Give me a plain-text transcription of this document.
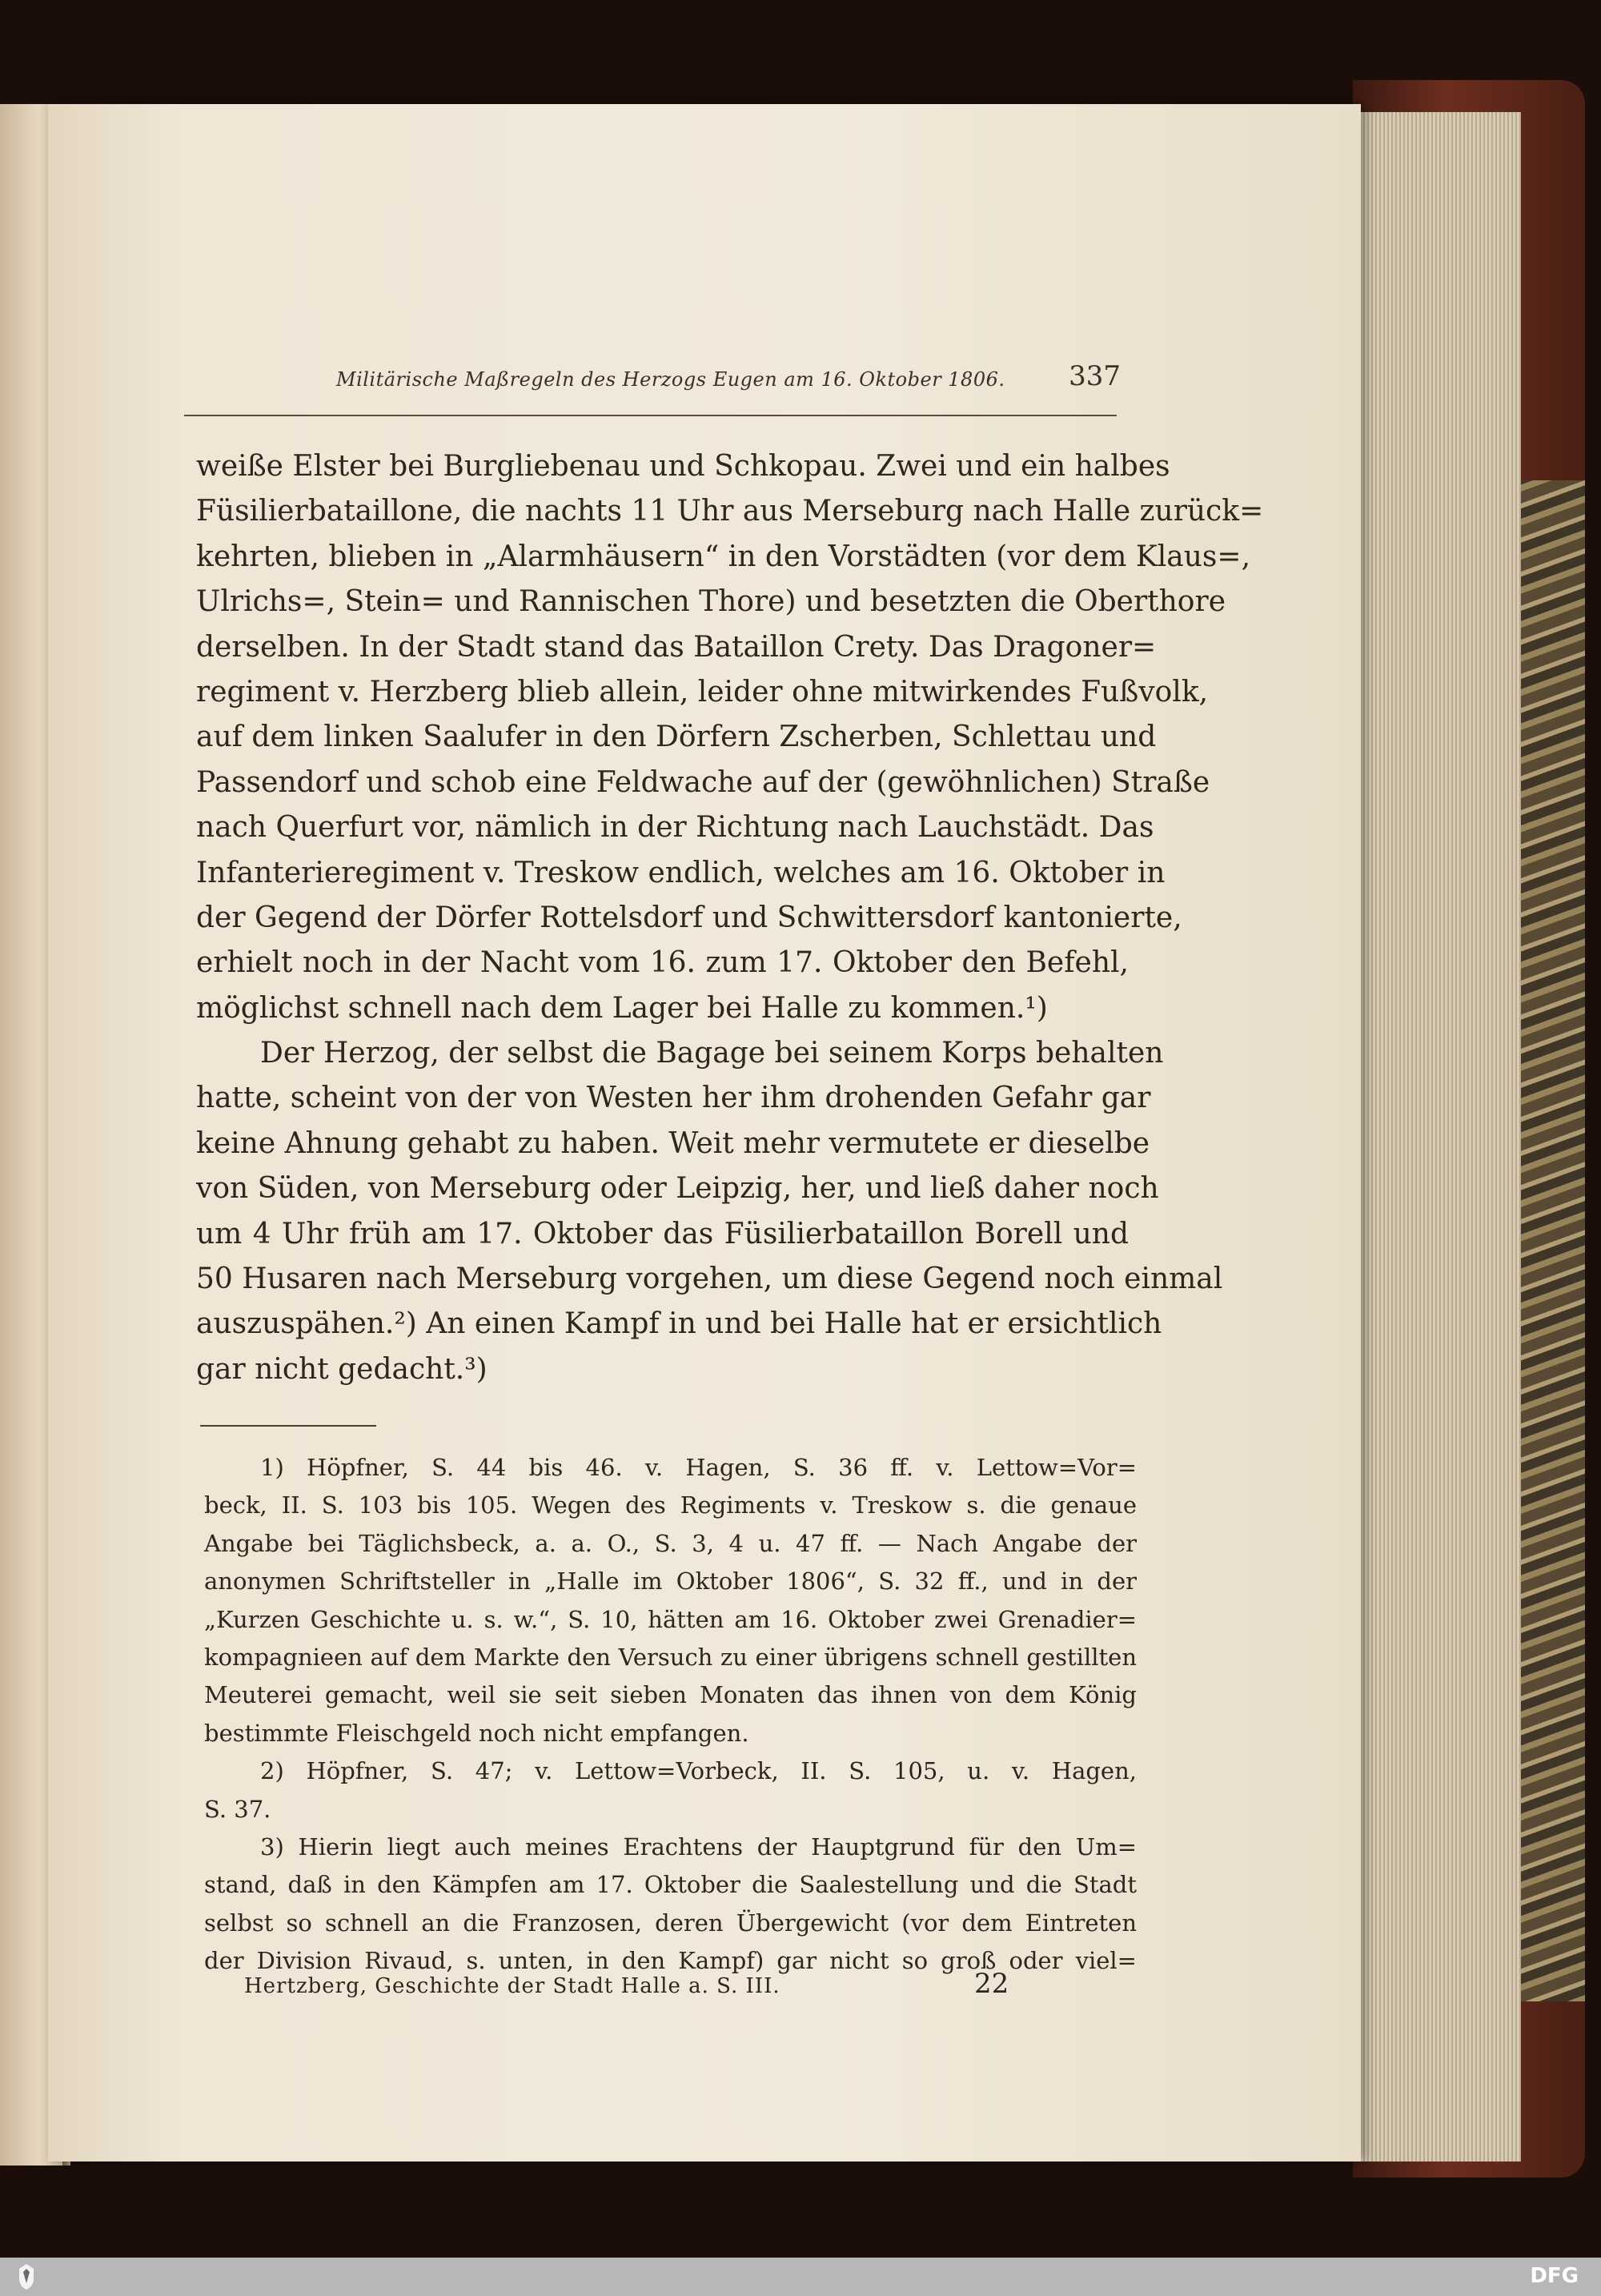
Militärische Maßregeln des Herzogs Eugen am 16. Oktober 1806. 337
weiße Elster bei Burgliebenau und Schkopau. Zwei und ein halbes
Füsilierbataillone, die nachts 11 Uhr aus Merseburg nach Halle zurück=
kehrten, blieben in „Alarmhäusern“ in den Vorstädten (vor dem Klaus=,
Ulrichs=, Stein= und Rannischen Thore) und besetzten die Oberthore
derselben. In der Stadt stand das Bataillon Crety. Das Dragoner=
regiment v. Herzberg blieb allein, leider ohne mitwirkendes Fußvolk,
auf dem linken Saalufer in den Dörfern Zscherben, Schlettau und
Passendorf und schob eine Feldwache auf der (gewöhnlichen) Straße
nach Querfurt vor, nämlich in der Richtung nach Lauchstädt. Das
Infanterieregiment v. Treskow endlich, welches am 16. Oktober in
der Gegend der Dörfer Rottelsdorf und Schwittersdorf kantonierte,
erhielt noch in der Nacht vom 16. zum 17. Oktober den Befehl,
möglichst schnell nach dem Lager bei Halle zu kommen.¹)
Der Herzog, der selbst die Bagage bei seinem Korps behalten
hatte, scheint von der von Westen her ihm drohenden Gefahr gar
keine Ahnung gehabt zu haben. Weit mehr vermutete er dieselbe
von Süden, von Merseburg oder Leipzig, her, und ließ daher noch
um 4 Uhr früh am 17. Oktober das Füsilierbataillon Borell und
50 Husaren nach Merseburg vorgehen, um diese Gegend noch einmal
auszuspähen.²) An einen Kampf in und bei Halle hat er ersichtlich
gar nicht gedacht.³)
1) Höpfner, S. 44 bis 46. v. Hagen, S. 36 ff. v. Lettow=Vor=
beck, II. S. 103 bis 105. Wegen des Regiments v. Treskow s. die genaue
Angabe bei Täglichsbeck, a. a. O., S. 3, 4 u. 47 ff. — Nach Angabe der
anonymen Schriftsteller in „Halle im Oktober 1806“, S. 32 ff., und in der
„Kurzen Geschichte u. s. w.“, S. 10, hätten am 16. Oktober zwei Grenadier=
kompagnieen auf dem Markte den Versuch zu einer übrigens schnell gestillten
Meuterei gemacht, weil sie seit sieben Monaten das ihnen von dem König
bestimmte Fleischgeld noch nicht empfangen.
2) Höpfner, S. 47; v. Lettow=Vorbeck, II. S. 105, u. v. Hagen,
S. 37.
3) Hierin liegt auch meines Erachtens der Hauptgrund für den Um=
stand, daß in den Kämpfen am 17. Oktober die Saalestellung und die Stadt
selbst so schnell an die Franzosen, deren Übergewicht (vor dem Eintreten
der Division Rivaud, s. unten, in den Kampf) gar nicht so groß oder viel=
Hertzberg, Geschichte der Stadt Halle a. S. III.	22
DFG
